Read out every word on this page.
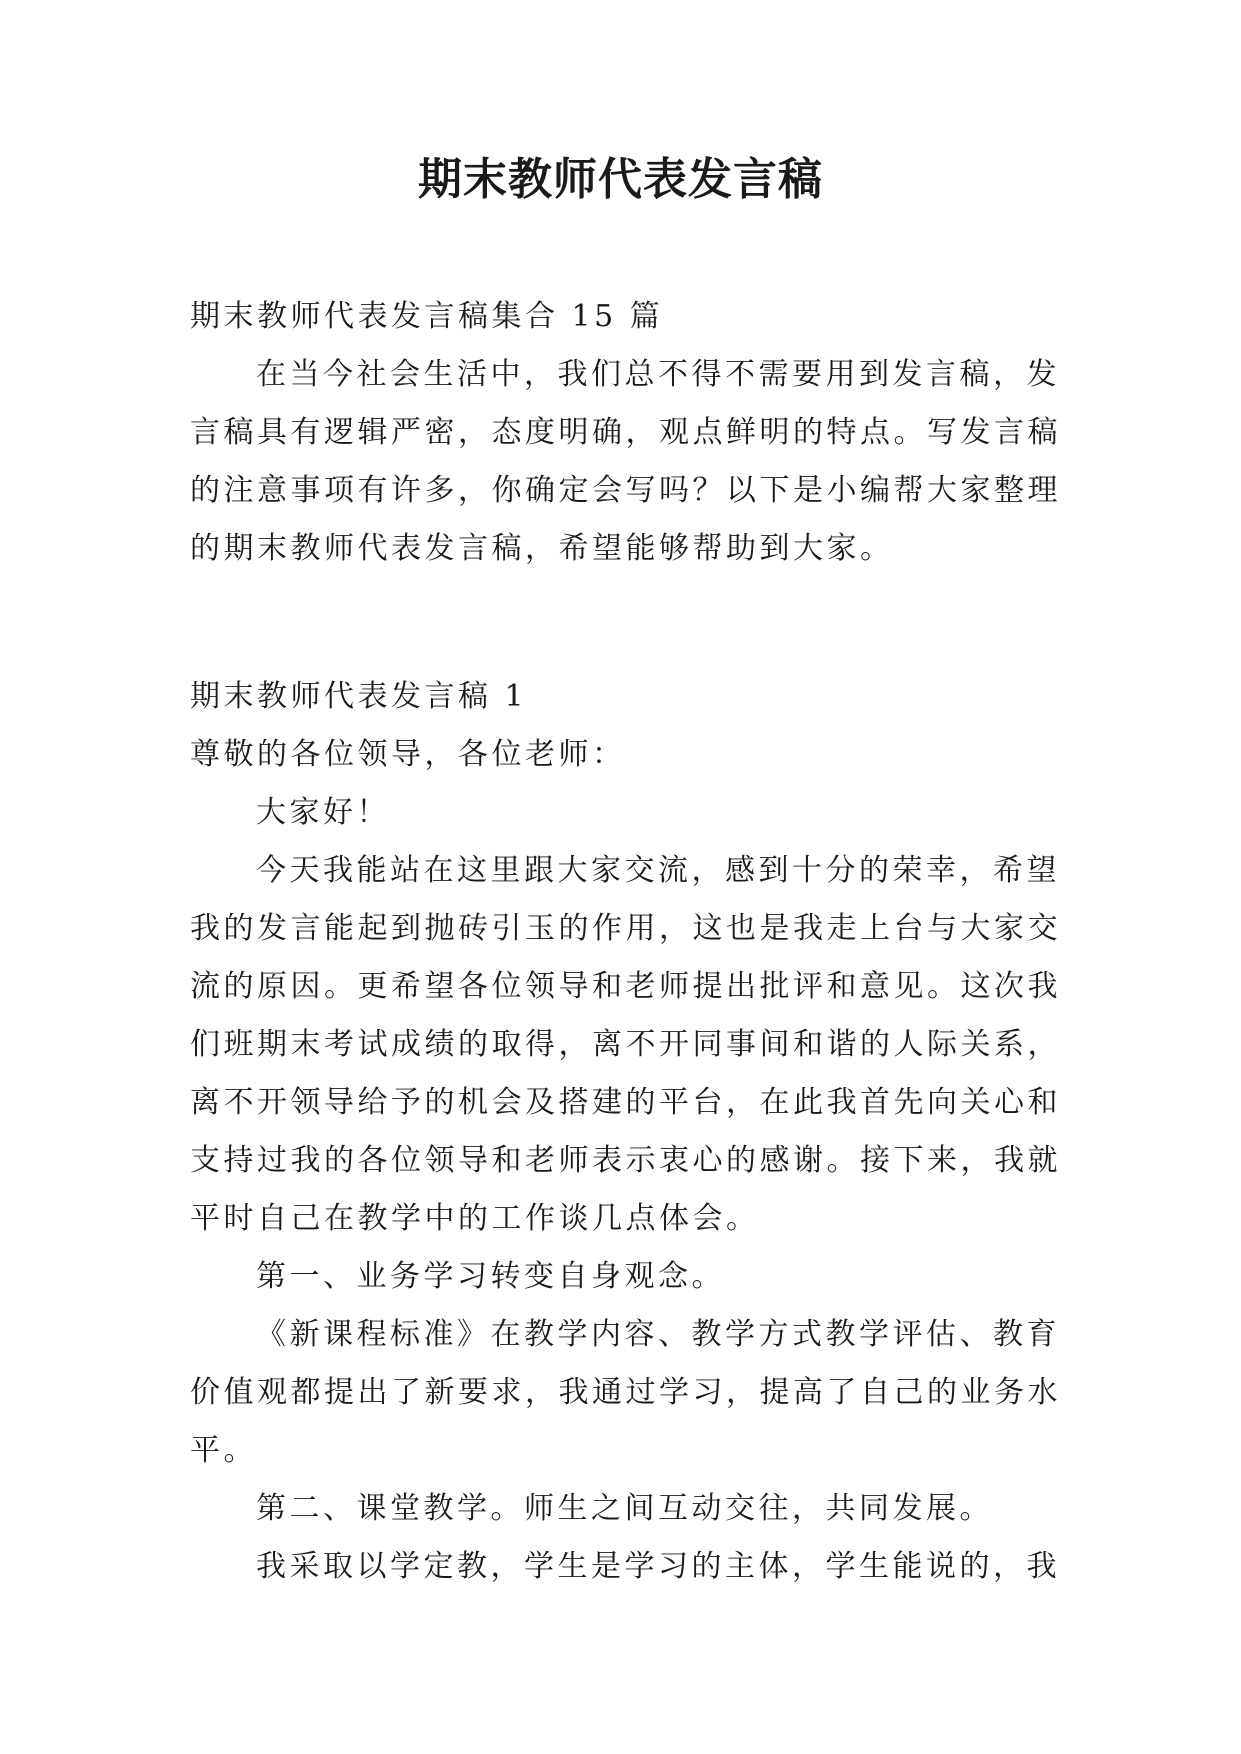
期末教师代表发言稿

期末教师代表发言稿集合 15 篇

在当今社会生活中，我们总不得不需要用到发言稿，发

言稿具有逻辑严密，态度明确，观点鲜明的特点。写发言稿

的注意事项有许多，你确定会写吗？以下是小编帮大家整理

的期末教师代表发言稿，希望能够帮助到大家。

期末教师代表发言稿 1

尊敬的各位领导，各位老师：

大家好！

今天我能站在这里跟大家交流，感到十分的荣幸，希望

我的发言能起到抛砖引玉的作用，这也是我走上台与大家交

流的原因。更希望各位领导和老师提出批评和意见。这次我

们班期末考试成绩的取得，离不开同事间和谐的人际关系，

离不开领导给予的机会及搭建的平台，在此我首先向关心和

支持过我的各位领导和老师表示衷心的感谢。接下来，我就

平时自己在教学中的工作谈几点体会。

第一、业务学习转变自身观念。

《新课程标准》在教学内容、教学方式教学评估、教育

价值观都提出了新要求，我通过学习，提高了自己的业务水

平。

第二、课堂教学。师生之间互动交往，共同发展。

我采取以学定教，学生是学习的主体，学生能说的，我
